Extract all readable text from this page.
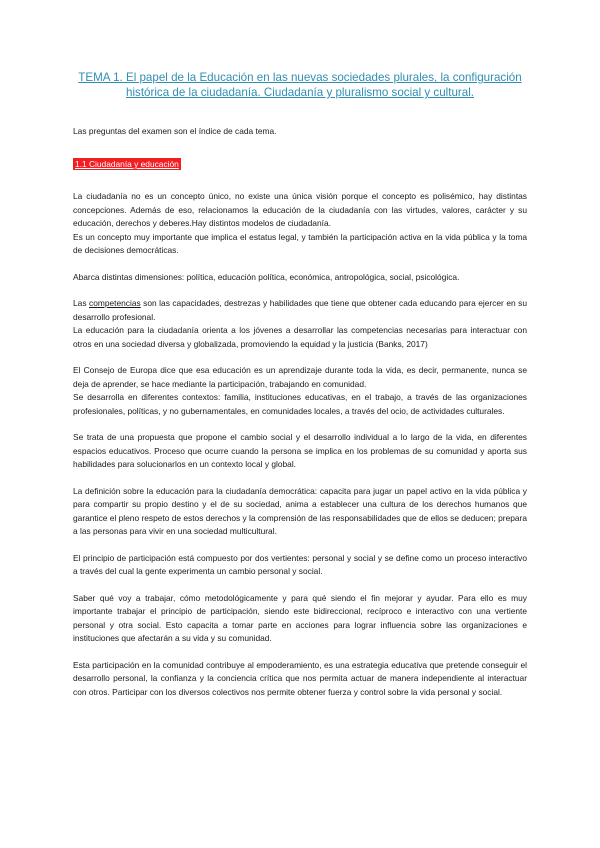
TEMA 1. El papel de la Educación en las nuevas sociedades plurales, la configuración histórica de la ciudadanía. Ciudadanía y pluralismo social y cultural.
Las preguntas del examen son el índice de cada tema.
1.1 Ciudadanía y educación

La ciudadanía no es un concepto único, no existe una única visión porque el concepto es polisémico, hay distintas concepciones. Además de eso, relacionamos la educación de la ciudadanía con las virtudes, valores, carácter y su educación, derechos y deberes.Hay distintos modelos de ciudadanía.

Es un concepto muy importante que implica el estatus legal, y también la participación activa en la vida pública y la toma de decisiones democráticas.

Abarca distintas dimensiones: política, educación política, económica, antropológica, social, psicológica.

Las competencias son las capacidades, destrezas y habilidades que tiene que obtener cada educando para ejercer en su desarrollo profesional.

La educación para la ciudadanía orienta a los jóvenes a desarrollar las competencias necesarias para interactuar con otros en una sociedad diversa y globalizada, promoviendo la equidad y la justicia (Banks, 2017)

El Consejo de Europa dice que esa educación es un aprendizaje durante toda la vida, es decir, permanente, nunca se deja de aprender, se hace mediante la participación, trabajando en comunidad.

Se desarrolla en diferentes contextos: familia, instituciones educativas, en el trabajo, a través de las organizaciones profesionales, políticas, y no gubernamentales, en comunidades locales, a través del ocio, de actividades culturales.

Se trata de una propuesta que propone el cambio social y el desarrollo individual a lo largo de la vida, en diferentes espacios educativos. Proceso que ocurre cuando la persona se implica en los problemas de su comunidad y aporta sus habilidades para solucionarlos en un contexto local y global.

La definición sobre la educación para la ciudadanía democrática: capacita para jugar un papel activo en la vida pública y para compartir su propio destino y el de su sociedad, anima a establecer una cultura de los derechos humanos que garantice el pleno respeto de estos derechos y la comprensión de las responsabilidades que de ellos se deducen; prepara a las personas para vivir en una sociedad multicultural.

El principio de participación está compuesto por dos vertientes: personal y social y se define como un proceso interactivo a través del cual la gente experimenta un cambio personal y social.

Saber qué voy a trabajar, cómo metodológicamente y para qué siendo el fin mejorar y ayudar. Para ello es muy importante trabajar el principio de participación, siendo este bidireccional, recíproco e interactivo con una vertiente personal y otra social. Esto capacita a tomar parte en acciones para lograr influencia sobre las organizaciones e instituciones que afectarán a su vida y su comunidad.

Esta participación en la comunidad contribuye al empoderamiento, es una estrategia educativa que pretende conseguir el desarrollo personal, la confianza y la conciencia crítica que nos permita actuar de manera independiente al interactuar con otros. Participar con los diversos colectivos nos permite obtener fuerza y control sobre la vida personal y social.
